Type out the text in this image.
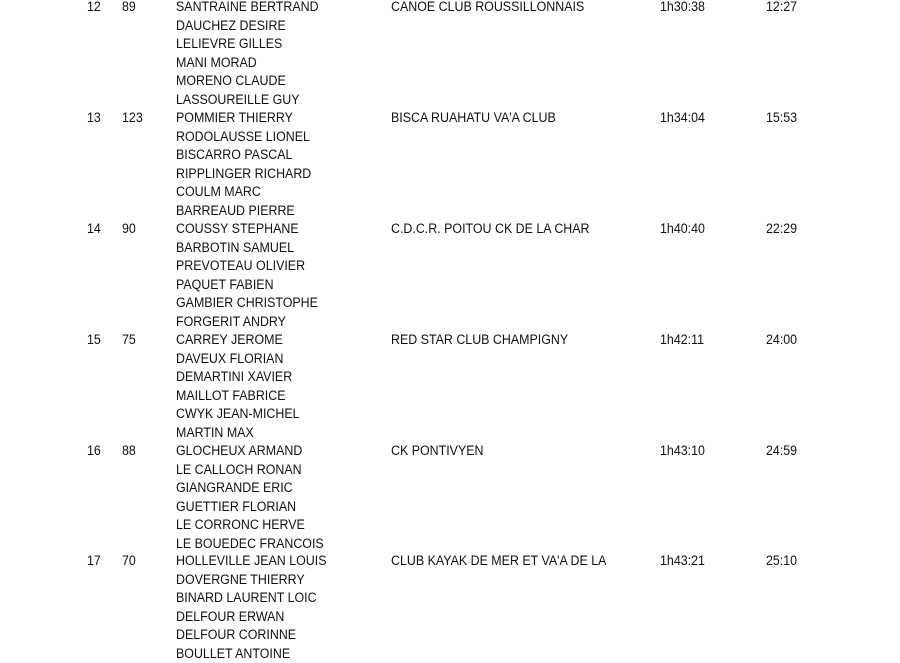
12 89	SANTRAINE BERTRAND
DAUCHEZ DESIRE
LELIEVRE GILLES
MANI MORAD
MORENO CLAUDE
LASSOUREILLE GUY
CANOE CLUB ROUSSILLONNAIS	1h30:38	12:27
13 123 POMMIER THIERRY
RODOLAUSSE LIONEL
BISCARRO PASCAL
RIPPLINGER RICHARD
COULM MARC
BARREAUD PIERRE
BISCA RUAHATU VA'A CLUB	1h34:04	15:53
14 90	COUSSY STEPHANE
BARBOTIN SAMUEL
PREVOTEAU OLIVIER
PAQUET FABIEN
GAMBIER CHRISTOPHE
FORGERIT ANDRY
C.D.C.R. POITOU CK DE LA CHAR	1h40:40	22:29
15 75	CARREY JEROME
DAVEUX FLORIAN
DEMARTINI XAVIER
MAILLOT FABRICE
CWYK JEAN-MICHEL
MARTIN MAX
RED STAR CLUB CHAMPIGNY	1h42:11	24:00
16 88	GLOCHEUX ARMAND
LE CALLOCH RONAN
GIANGRANDE ERIC
GUETTIER FLORIAN
LE CORRONC HERVE
LE BOUEDEC FRANCOIS
CK PONTIVYEN	1h43:10	24:59
17 70	HOLLEVILLE JEAN LOUIS
DOVERGNE THIERRY
BINARD LAURENT LOIC
DELFOUR ERWAN
DELFOUR CORINNE
BOULLET ANTOINE
CLUB KAYAK DE MER ET VA'A DE LA	1h43:21	25:10
